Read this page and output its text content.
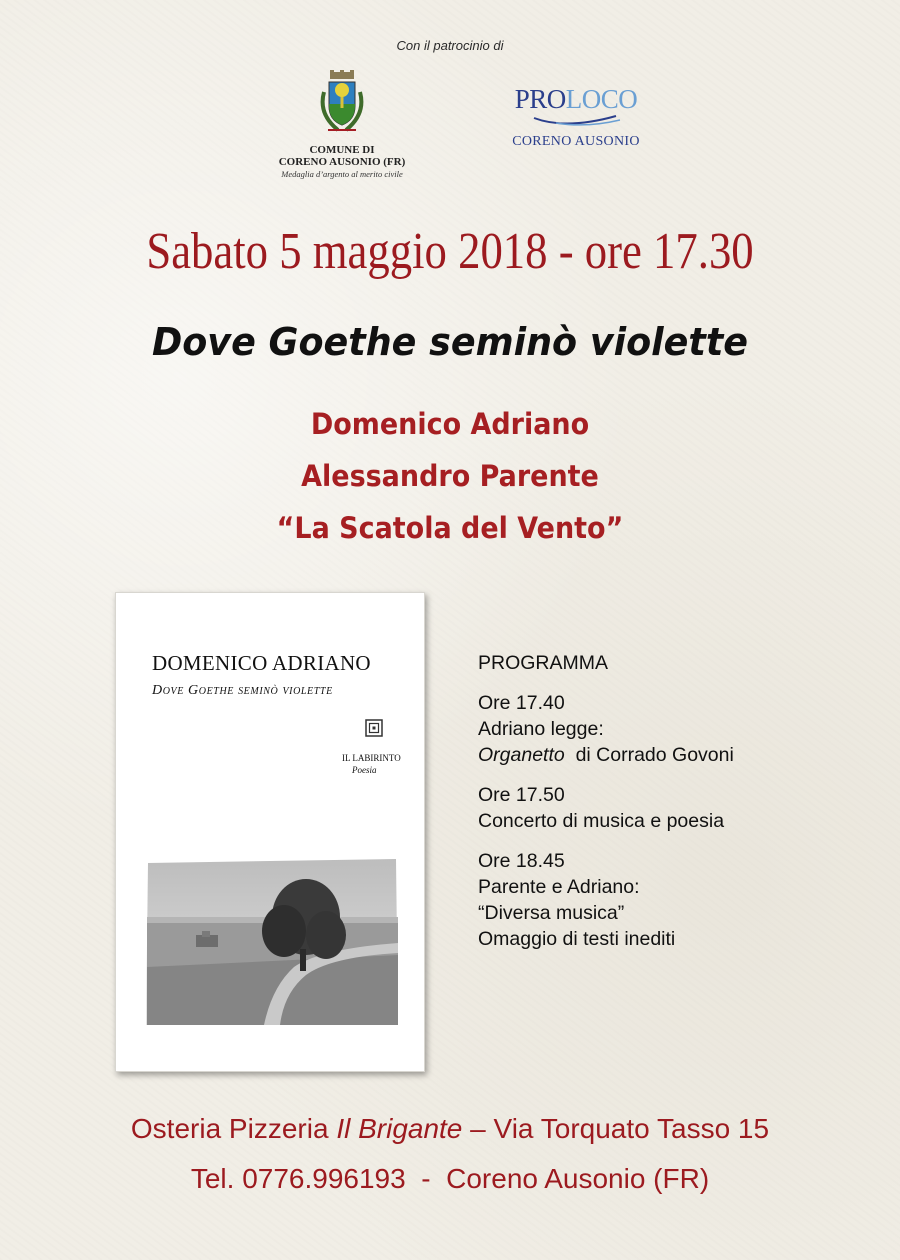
Con il patrocinio di
COMUNE DI
CORENO AUSONIO (FR)
Medaglia d’argento al merito civile
PROLOCO
CORENO AUSONIO
Sabato 5 maggio 2018 - ore 17.30
Dove Goethe seminò violette
Domenico Adriano
Alessandro Parente
“La Scatola del Vento”
DOMENICO ADRIANO
Dove Goethe seminò violette
IL LABIRINTO
Poesia
PROGRAMMA
Ore 17.40
Adriano legge:
Organetto  di Corrado Govoni
Ore 17.50
Concerto di musica e poesia
Ore 18.45
Parente e Adriano:
“Diversa musica”
Omaggio di testi inediti
Osteria Pizzeria Il Brigante – Via Torquato Tasso 15
Tel. 0776.996193  -  Coreno Ausonio (FR)
